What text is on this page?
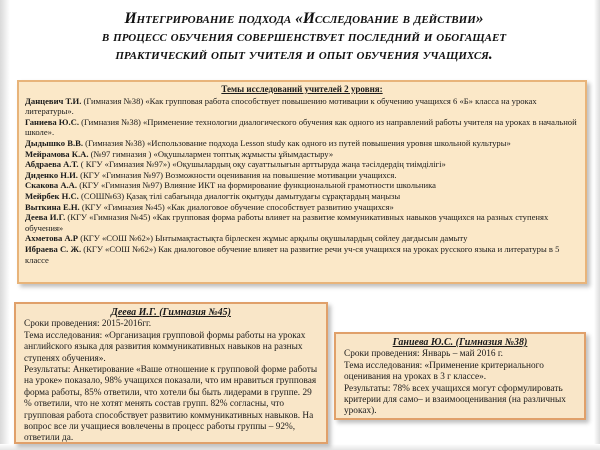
Интегрирование подхода «Исследование в действии»
в процесс обучения совершенствует последний и обогащает
практический опыт учителя и опыт обучения учащихся.
Темы исследований учителей 2 уровня:
Данцевич Т.И. (Гимназия №38) «Как групповая работа способствует повышению мотивации к обучению учащихся 6 «Б» класса на уроках литературы».
Ганиева Ю.С. (Гимназия №38) «Применение технологии диалогического обучения как одного из направлений работы учителя на уроках в начальной школе».
Дыдышко В.В. (Гимназия №38) «Использование подхода Lesson study как одного из путей повышения уровня школьной культуры»
Мейрамова К.А. (№97 гимназия ) «Оқушылармен топтық жұмысты ұйымдастыру»
Абдраева А.Т. ( КГУ «Гимназия №97») «Оқушылардың оқу сауаттылығын арттыруда жаңа тәсілдердің тиімділігі»
Диденко Н.И. (КГУ «Гимназия №97) Возможности оценивания на повышение мотивации учащихся.
Скакова А.А. (КГУ «Гимназия №97) Влияние ИКТ на формирование функциональной грамотности школьника
Мейрбек Н.С. (СОШ№63) Қазақ тілі сабағында диалогтік оқытуды дамытудағы сұрақтардың маңызы
Выткина Е.Н. (КГУ «Гимназия №45) «Как диалоговое обучение способствует развитию учащихся»
Деева И.Г. (КГУ «Гимназия №45) «Как групповая форма работы влияет на развитие коммуникативных навыков учащихся на разных ступенях обучения»
Ахметова А.Р (КГУ «СОШ №62») Ынтымақтастықта бірлескен жұмыс арқылы оқушылардың сөйлеу дағдысын дамыту
Ибраева С. Ж. (КГУ «СОШ №62») Как диалоговое обучение влияет на развитие речи уч-ся учащихся на уроках русского языка и литературы в 5 классе
Деева И.Г. (Гимназия №45)

Сроки проведения: 2015-2016гг.

Тема исследования: «Организация групповой формы работы на уроках английского языка для развития коммуникативных навыков на разных ступенях обучения».

Результаты: Анкетирование «Ваше отношение к групповой форме работы на уроке» показало, 98% учащихся показали, что им нравиться групповая форма работы, 85% ответили, что хотели бы быть лидерами в группе. 29 % ответили, что не хотят менять состав групп. 82% согласны, что групповая работа способствует развитию коммуникативных навыков. На вопрос все ли учащиеся вовлечены в процесс работы группы – 92%, ответили да.

Ганиева Ю.С. (Гимназия №38)

Сроки проведения: Январь – май 2016 г.

Тема исследования: «Применение критериального оценивания на уроках в 3 г классе».

Результаты: 78% всех учащихся могут сформулировать критерии для само– и взаимооценивания (на различных уроках).
